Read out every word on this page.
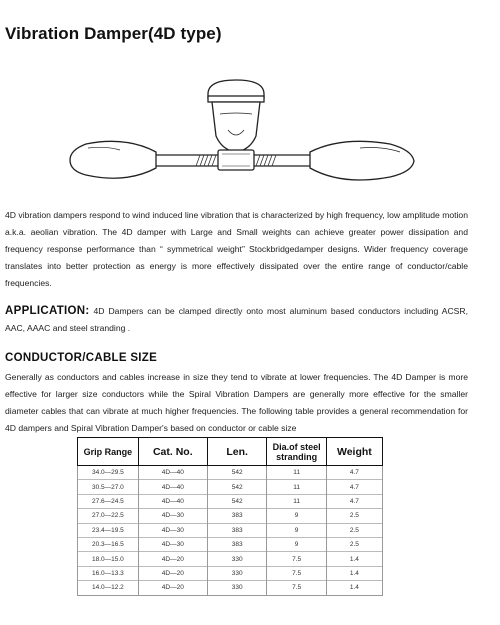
Vibration Damper(4D type)
4D vibration dampers respond to wind induced line vibration that is characterized by high frequency, low amplitude motion a.k.a. aeolian vibration. The 4D damper with Large and Small weights can achieve greater power dissipation and frequency response performance than “ symmetrical weight” Stockbridgedamper designs. Wider frequency coverage translates into better protection as energy is more effectively dissipated over the entire range of conductor/cable frequencies.
APPLICATION: 4D Dampers can be clamped directly onto most aluminum based conductors including ACSR, AAC, AAAC and steel stranding .
CONDUCTOR/CABLE SIZE
Generally as conductors and cables increase in size they tend to vibrate at lower frequencies. The 4D Damper is more effective for larger size conductors while the Spiral Vibration Dampers are generally more effective for the smaller diameter cables that can vibrate at much higher frequencies. The following table provides a general recommendation for 4D dampers and Spiral Vibration Damper's based on conductor or cable size
Grip Range	Cat. No.	Len.	Dia.of steel stranding	Weight
34.0—29.5	4D—40	542	11	4.7
30.5—27.0	4D—40	542	11	4.7
27.6—24.5	4D—40	542	11	4.7
27.0—22.5	4D—30	383	9	2.5
23.4—19.5	4D—30	383	9	2.5
20.3—16.5	4D—30	383	9	2.5
18.0—15.0	4D—20	330	7.5	1.4
16.0—13.3	4D—20	330	7.5	1.4
14.0—12.2	4D—20	330	7.5	1.4
